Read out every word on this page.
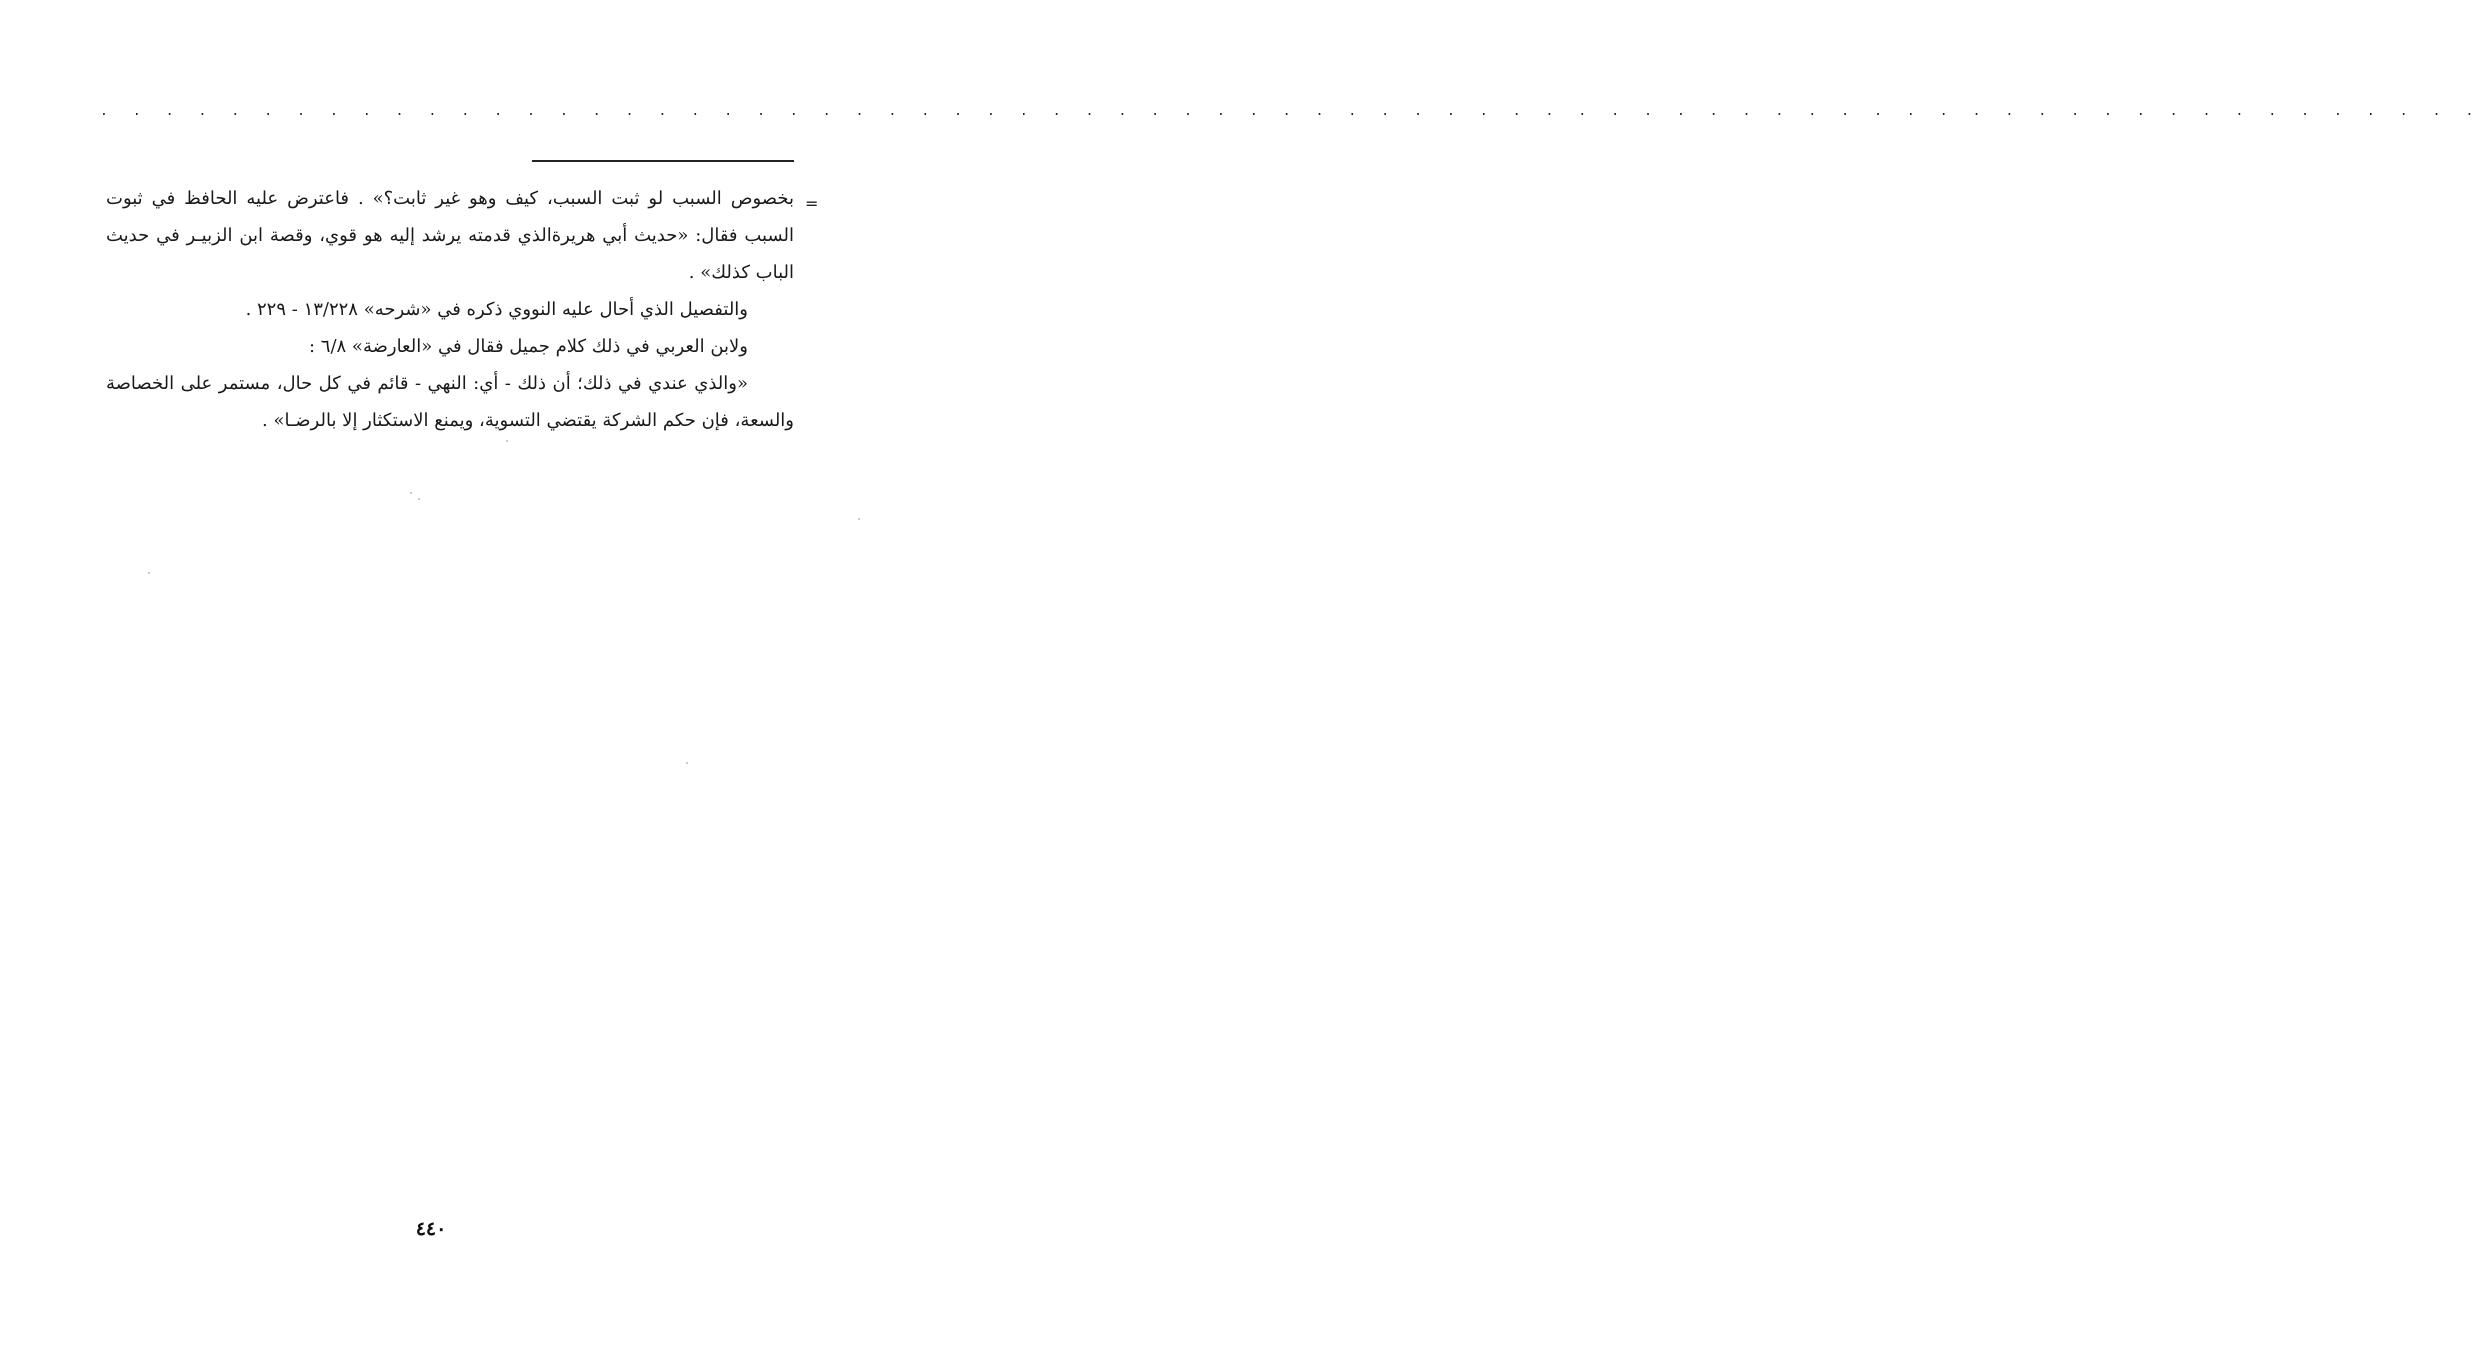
. . . . . . . . . . . . . . . . . . . . . . . . . . . . . . . . . . . . . . . . . . . . . . . . . . . . . . . . . . . . . . . . . . . . . . . . .
=

بخصوص السبب لو ثبت السبب، كيف وهو غير ثابت؟» . فاعترض عليه الحافظ في ثبوت السبب فقال: «حديث أبي هريرةالذي قدمته يرشد إليه هو قوي، وقصة ابن الزبيـر في حديث الباب كذلك» .

والتفصيل الذي أحال عليه النووي ذكره في «شرحه» ١٣/٢٢٨ - ٢٢٩ .

ولابن العربي في ذلك كلام جميل فقال في «العارضة» ٦/٨ :

«والذي عندي في ذلك؛ أن ذلك - أي: النهي - قائم في كل حال، مستمر على الخصاصة والسعة، فإن حكم الشركة يقتضي التسوية، ويمنع الاستكثار إلا بالرضـا» .

٤٤٠
